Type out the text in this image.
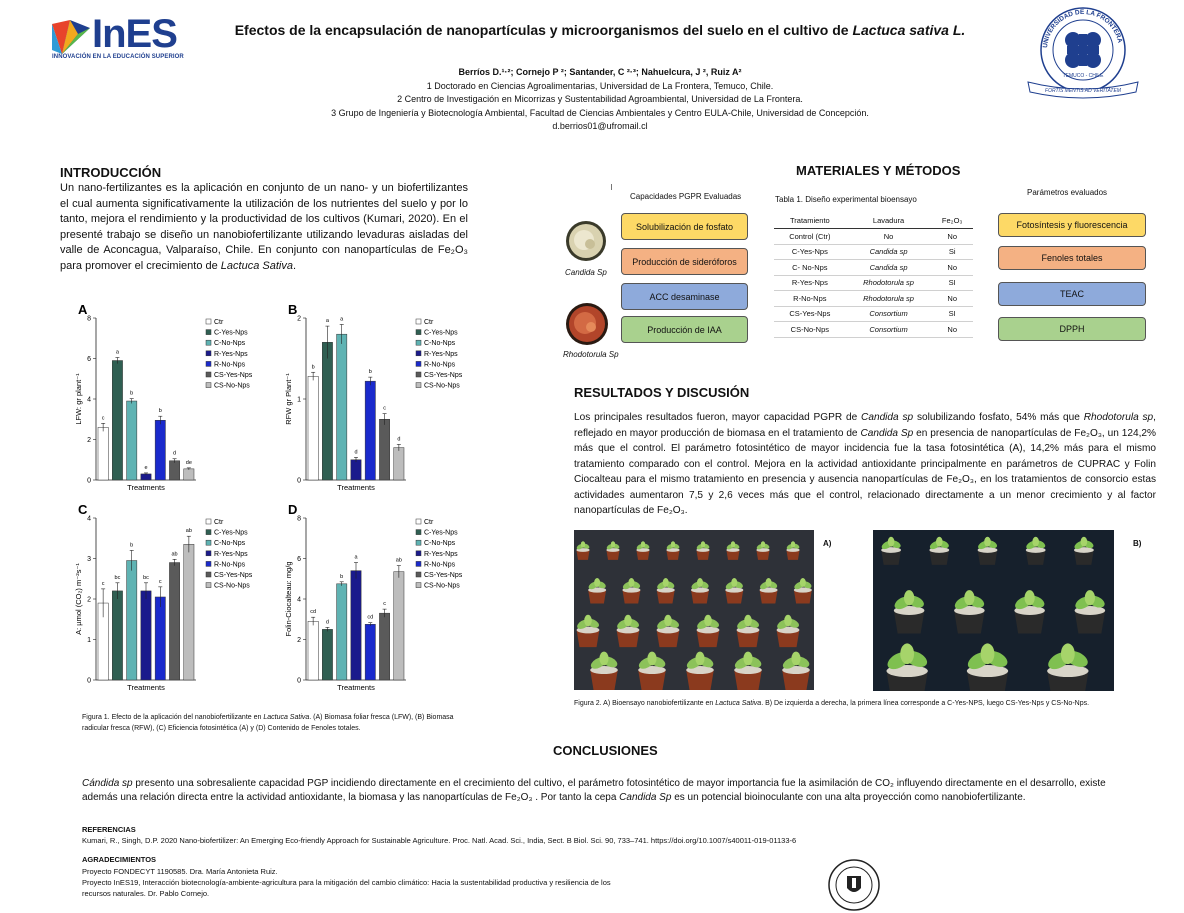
InES
INNOVACIÓN EN LA EDUCACIÓN SUPERIOR
Efectos de la encapsulación de nanopartículas y microorganismos del suelo en el cultivo de Lactuca sativa L.
Berríos D.¹·²; Cornejo P ²; Santander, C ²·³; Nahuelcura, J ², Ruiz A²
1 Doctorado en Ciencias Agroalimentarias, Universidad de La Frontera, Temuco, Chile.
2 Centro de Investigación en Micorrizas y Sustentabilidad Agroambiental, Universidad de La Frontera.
3 Grupo de Ingeniería y Biotecnología Ambiental, Facultad de Ciencias Ambientales y Centro EULA-Chile, Universidad de Concepción.
d.berrios01@ufromail.cl
UNIVERSIDAD DE LA FRONTERA
TEMUCO - CHILE
FORTIS MENTIS AD VERITATEM
INTRODUCCIÓN
Un nano-fertilizantes es la aplicación en conjunto de un nano- y un biofertilizantes el cual aumenta significativamente la utilización de los nutrientes del suelo y por lo tanto, mejora el rendimiento y la productividad de los cultivos (Kumari, 2020). En el presenté trabajo se diseño un nanobiofertilizante utilizando levaduras aisladas del valle de Aconcagua, Valparaíso, Chile. En conjunto con nanopartículas de Fe₂O₃ para promover el crecimiento de Lactuca Sativa.
A
0
2
4
6
8
LFW: gr plant⁻¹
Treatments
c
a
b
e
b
d
de
Ctr
C-Yes-Nps
C-No-Nps
R-Yes-Nps
R-No-Nps
CS-Yes-Nps
CS-No-Nps
B
0
1
2
RFW gr Plant⁻¹
Treatments
b
a a
d
b
c
d
Ctr
C-Yes-Nps
C-No-Nps
R-Yes-Nps
R-No-Nps
CS-Yes-Nps
CS-No-Nps
C
0
1
2
3
4
A: µmol (CO₂) m⁻²s⁻¹
Treatments
c
bc
b
bc
c
ab
ab
Ctr
C-Yes-Nps
C-No-Nps
R-Yes-Nps
R-No-Nps
CS-Yes-Nps
CS-No-Nps
D
0
2
4
6
8
Folin-Ciocalteau: mg/g
Treatments
cd
d
b
a
cd
c
ab
Ctr
C-Yes-Nps
C-No-Nps
R-Yes-Nps
R-No-Nps
CS-Yes-Nps
CS-No-Nps
Figura 1. Efecto de la aplicación del nanobiofertilizante en Lactuca Sativa. (A) Biomasa foliar fresca (LFW), (B) Biomasa radicular fresca (RFW), (C) Eficiencia fotosintética (A) y (D) Contenido de Fenoles totales.
MATERIALES Y MÉTODOS
Capacidades PGPR Evaluadas
Solubilización de fosfato
Producción de sideróforos
ACC desaminase
Producción de IAA
Candida Sp
Rhodotorula Sp
Tabla 1. Diseño experimental bioensayo
Tratamiento	Lavadura	Fe₂O₃
Control (Ctr)	No	No
C-Yes-Nps	Candida sp	Si
C- No-Nps	Candida sp	No
R-Yes-Nps	Rhodotorula sp	SI
R-No-Nps	Rhodotorula sp	No
CS-Yes-Nps	Consortium	SI
CS-No-Nps	Consortium	No
Parámetros evaluados
Fotosíntesis y fluorescencia
Fenoles totales
TEAC
DPPH
RESULTADOS Y DISCUSIÓN
Los principales resultados fueron, mayor capacidad PGPR de Candida sp solubilizando fosfato, 54% más que Rhodotorula sp, reflejado en mayor producción de biomasa en el tratamiento de Candida Sp en presencia de nanopartículas de Fe₂O₃, un 124,2% más que el control. El parámetro fotosintético de mayor incidencia fue la tasa fotosintética (A), 14,2% más para el mismo tratamiento comparado con el control. Mejora en la actividad antioxidante principalmente en parámetros de CUPRAC y Folin Ciocalteau para el mismo tratamiento en presencia y ausencia nanopartículas de Fe₂O₃, en los tratamientos de consorcio estas actividades aumentaron 7,5 y 2,6 veces más que el control, relacionado directamente a un menor crecimiento y al factor nanopartículas de Fe₂O₃.
A)	B)
Figura 2. A) Bioensayo nanobiofertilizante en Lactuca Sativa. B) De izquierda a derecha, la primera línea corresponde a C-Yes-NPS, luego CS-Yes-Nps y CS-No-Nps.
CONCLUSIONES
Cándida sp presento una sobresaliente capacidad PGP incidiendo directamente en el crecimiento del cultivo, el parámetro fotosintético de mayor importancia fue la asimilación de CO₂ influyendo directamente en el desarrollo, existe además una relación directa entre la actividad antioxidante, la biomasa y las nanopartículas de Fe₂O₃ . Por tanto la cepa Candida Sp es un potencial bioinoculante con una alta proyección como nanobiofertilizante.
REFERENCIAS
Kumari, R., Singh, D.P. 2020 Nano-biofertilizer: An Emerging Eco-friendly Approach for Sustainable Agriculture. Proc. Natl. Acad. Sci., India, Sect. B Biol. Sci. 90, 733–741. https://doi.org/10.1007/s40011-019-01133-6
AGRADECIMIENTOS
Proyecto FONDECYT 1190585. Dra. María Antonieta Ruiz.
Proyecto InES19, Interacción biotecnología-ambiente-agricultura para la mitigación del cambio climático: Hacia la sustentabilidad productiva y resiliencia de los
recursos naturales. Dr. Pablo Cornejo.
